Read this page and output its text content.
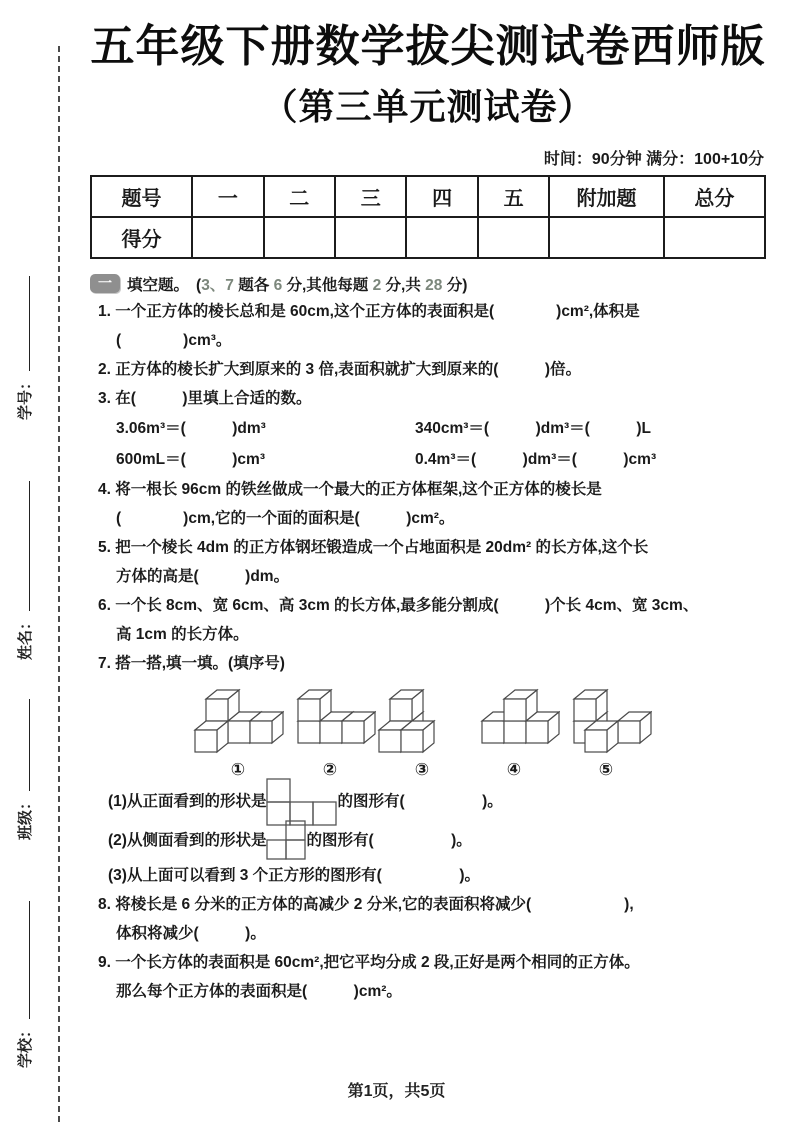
学号：
姓名：
班级：
学校：
五年级下册数学拔尖测试卷西师版
（第三单元测试卷）
时间：90分钟 满分：100+10分
题号	一	二	三	四	五	附加题	总分
得分							
一 填空题。 (3、7 题各 6 分,其他每题 2 分,共 28 分)
1. 一个正方体的棱长总和是 60cm,这个正方体的表面积是(　　　　)cm²,体积是
(　　　　)cm³。
2. 正方体的棱长扩大到原来的 3 倍,表面积就扩大到原来的(　　　)倍。
3. 在(　　　)里填上合适的数。
3.06m³＝(　　　)dm³	340cm³＝(　　　)dm³＝(　　　)L
600mL＝(　　　)cm³	0.4m³＝(　　　)dm³＝(　　　)cm³
4. 将一根长 96cm 的铁丝做成一个最大的正方体框架,这个正方体的棱长是
(　　　　)cm,它的一个面的面积是(　　　)cm²。
5. 把一个棱长 4dm 的正方体钢坯锻造成一个占地面积是 20dm² 的长方体,这个长
方体的高是(　　　)dm。
6. 一个长 8cm、宽 6cm、高 3cm 的长方体,最多能分割成(　　　)个长 4cm、宽 3cm、
高 1cm 的长方体。
7. 搭一搭,填一填。(填序号)
①	②	③	④	⑤
(1)从正面看到的形状是	的图形有(　　　　　)。
(2)从侧面看到的形状是	的图形有(　　　　　)。
(3)从上面可以看到 3 个正方形的图形有(　　　　　)。
8. 将棱长是 6 分米的正方体的高减少 2 分米,它的表面积将减少(　　　　　　),
体积将减少(　　　)。
9. 一个长方体的表面积是 60cm²,把它平均分成 2 段,正好是两个相同的正方体。
那么每个正方体的表面积是(　　　)cm²。
第1页，共5页
